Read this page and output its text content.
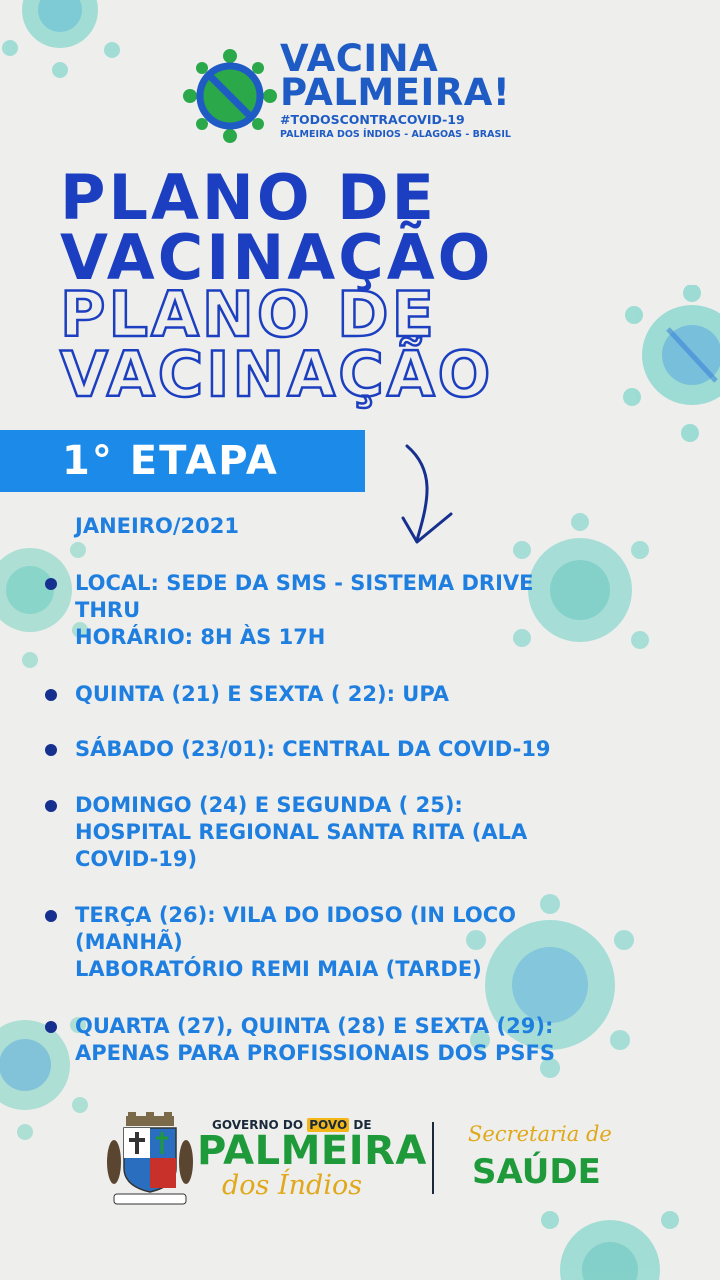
VACINA
PALMEIRA!
#TODOSCONTRACOVID-19
PALMEIRA DOS ÍNDIOS - ALAGOAS - BRASIL
PLANO DE
VACINAÇÃO
PLANO DE
VACINAÇÃO
1° ETAPA
JANEIRO/2021
LOCAL: SEDE DA SMS - SISTEMA DRIVE
THRU
HORÁRIO: 8H ÀS 17H
QUINTA (21) E SEXTA ( 22): UPA
SÁBADO (23/01): CENTRAL DA COVID-19
DOMINGO (24) E SEGUNDA ( 25):
HOSPITAL REGIONAL SANTA RITA (ALA
COVID-19)
TERÇA (26): VILA DO IDOSO (IN LOCO
(MANHÃ)
LABORATÓRIO REMI MAIA (TARDE)
QUARTA (27), QUINTA (28) E SEXTA (29):
APENAS PARA PROFISSIONAIS DOS PSFS
GOVERNO DO POVO DE
PALMEIRA
dos Índios
Secretaria de
SAÚDE
